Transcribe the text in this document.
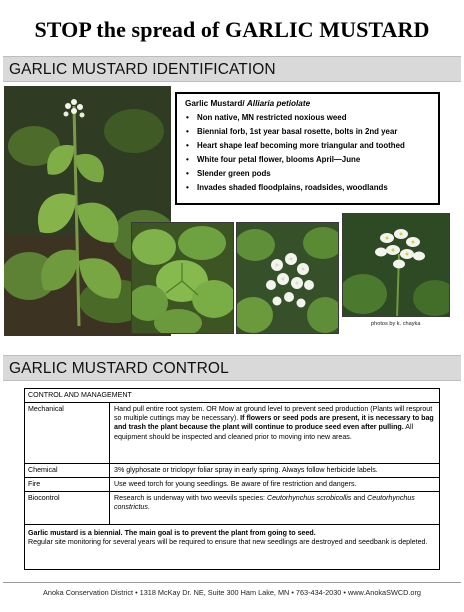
STOP the spread of GARLIC MUSTARD
GARLIC MUSTARD IDENTIFICATION
Garlic Mustard/ Alliaria petiolate
• Non native, MN restricted noxious weed
• Biennial forb, 1st year basal rosette, bolts in 2nd year
• Heart shape leaf becoming more triangular and toothed
• White four petal flower, blooms April—June
• Slender green pods
• Invades shaded floodplains, roadsides, woodlands
photos by k. chayka
GARLIC MUSTARD CONTROL
CONTROL AND MANAGEMENT
Mechanical	Hand pull entire root system. OR Mow at ground level to prevent seed production (Plants will resprout so multiple cuttings may be necessary). If flowers or seed pods are present, it is necessary to bag and trash the plant because the plant will continue to produce seed even after pulling. All equipment should be inspected and cleaned prior to moving into new areas.
Chemical	3% glyphosate or triclopyr foliar spray in early spring. Always follow herbicide labels.
Fire	Use weed torch for young seedlings. Be aware of fire restriction and dangers.
Biocontrol	Research is underway with two weevils species: Ceutorhynchus scrobicollis and Ceutorhynchus constrictus.
Garlic mustard is a biennial. The main goal is to prevent the plant from going to seed.
Regular site monitoring for several years will be required to ensure that new seedlings are destroyed and seedbank is depleted.
Anoka Conservation District • 1318 McKay Dr. NE, Suite 300 Ham Lake, MN • 763-434-2030 • www.AnokaSWCD.org
